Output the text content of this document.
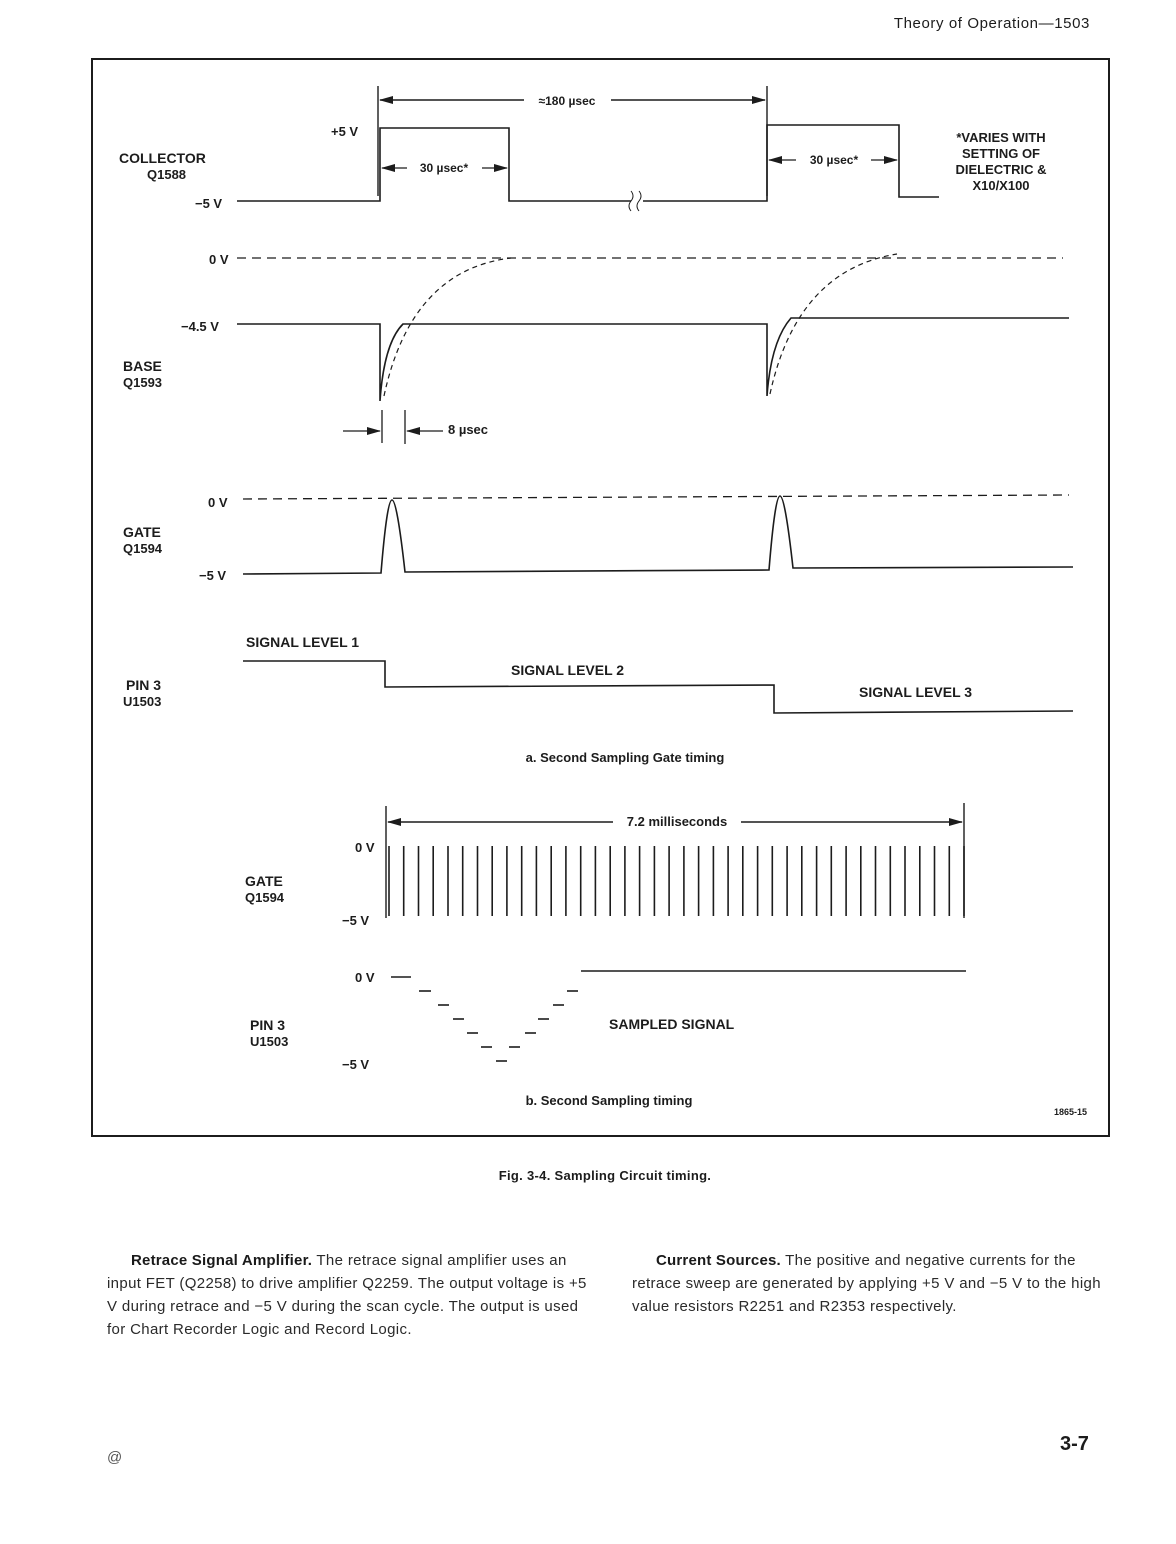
Theory of Operation—1503
≈180 µsec
COLLECTOR
Q1588
+5 V
−5 V
30 µsec*
30 µsec*
*VARIES WITH
SETTING OF
DIELECTRIC &
X10/X100
0 V
−4.5 V
BASE
Q1593
8 µsec
0 V
GATE
Q1594
−5 V
SIGNAL LEVEL 1
SIGNAL LEVEL 2
SIGNAL LEVEL 3
PIN 3
U1503
a. Second Sampling Gate timing
7.2 milliseconds
0 V
GATE
Q1594
−5 V
0 V
PIN 3
U1503
−5 V
SAMPLED SIGNAL
b. Second Sampling timing
1865-15
Fig. 3-4. Sampling Circuit timing.
Retrace Signal Amplifier. The retrace signal amplifier uses an input FET (Q2258) to drive amplifier Q2259. The output voltage is +5 V during retrace and −5 V during the scan cycle. The output is used for Chart Recorder Logic and Record Logic.
Current Sources. The positive and negative currents for the retrace sweep are generated by applying +5 V and −5 V to the high value resistors R2251 and R2353 respectively.
@
3-7
